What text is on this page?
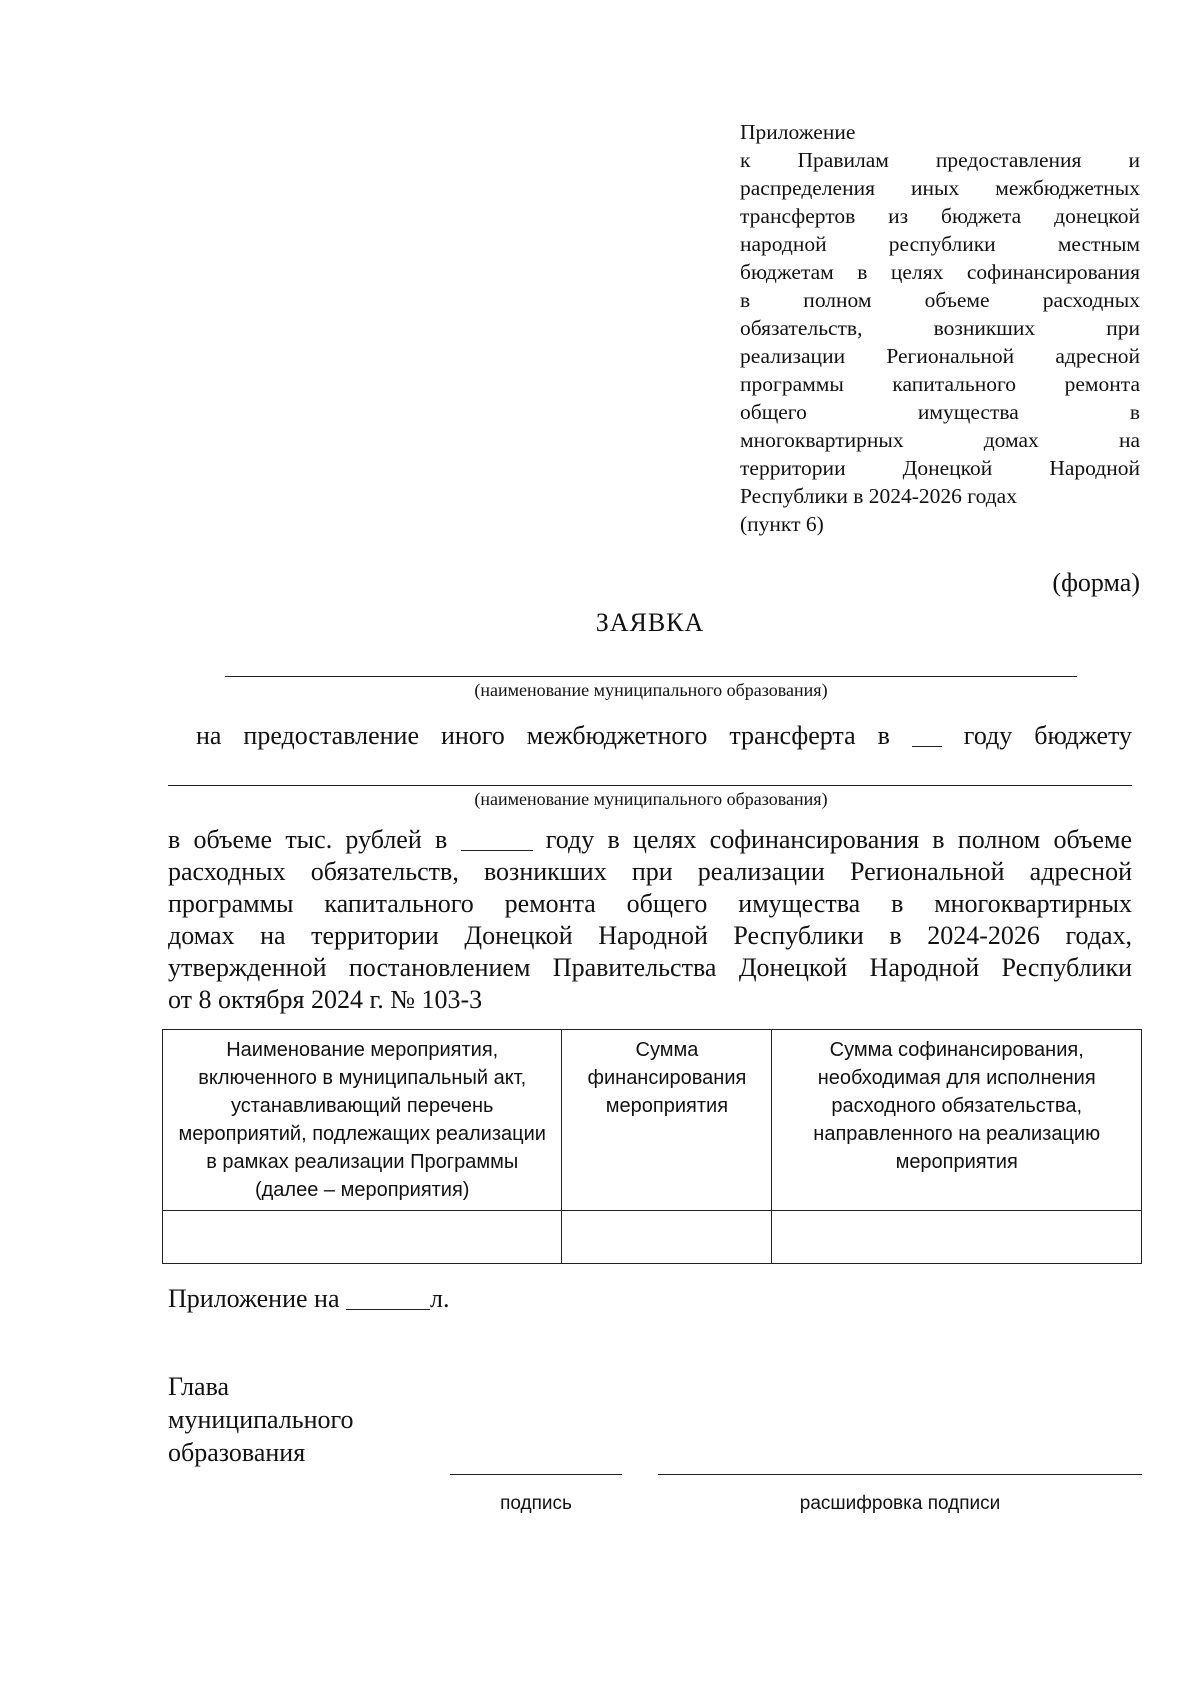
Приложение
к Правилам предоставления и
распределения иных межбюджетных
трансфертов из бюджета донецкой
народной республики местным
бюджетам в целях софинансирования
в полном объеме расходных
обязательств, возникших при
реализации Региональной адресной
программы капитального ремонта
общего имущества в
многоквартирных домах на
территории Донецкой Народной
Республики в 2024-2026 годах
(пункт 6)
(форма)
ЗАЯВКА
(наименование муниципального образования)
на предоставление иного межбюджетного трансферта в	году бюджету
(наименование муниципального образования)
в объеме тыс. рублей в	году в целях софинансирования в полном объеме
расходных обязательств, возникших при реализации Региональной адресной
программы капитального ремонта общего имущества в многоквартирных
домах на территории Донецкой Народной Республики в 2024-2026 годах,
утвержденной постановлением Правительства Донецкой Народной Республики
от 8 октября 2024 г. № 103-3
Наименование мероприятия, включенного в муниципальный акт, устанавливающий перечень мероприятий, подлежащих реализации в рамках реализации Программы (далее – мероприятия)	Сумма финансирования мероприятия	Сумма софинансирования, необходимая для исполнения расходного обязательства, направленного на реализацию мероприятия

Приложение на	л.
Глава
муниципального
образования
подпись	расшифровка подписи
